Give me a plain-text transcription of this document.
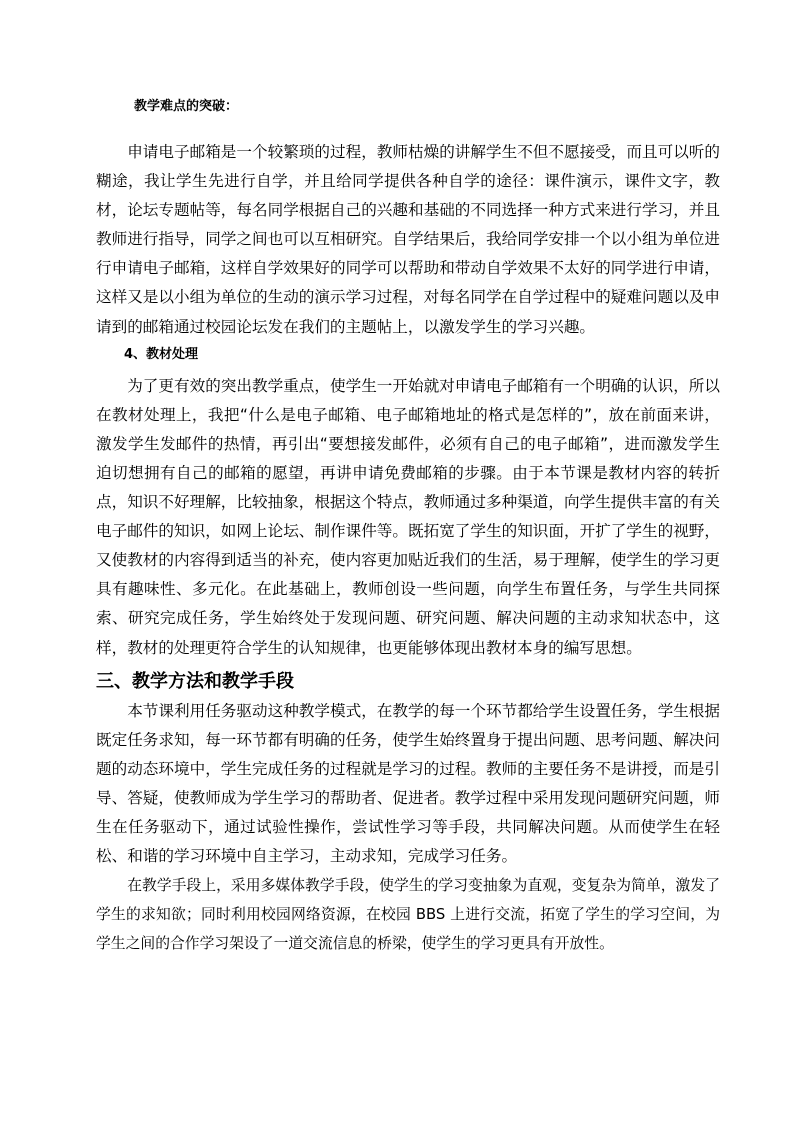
教学难点的突破：

申请电子邮箱是一个较繁琐的过程，教师枯燥的讲解学生不但不愿接受，而且可以听的糊途，我让学生先进行自学，并且给同学提供各种自学的途径：课件演示，课件文字，教材，论坛专题帖等，每名同学根据自己的兴趣和基础的不同选择一种方式来进行学习，并且教师进行指导，同学之间也可以互相研究。自学结果后，我给同学安排一个以小组为单位进行申请电子邮箱，这样自学效果好的同学可以帮助和带动自学效果不太好的同学进行申请，这样又是以小组为单位的生动的演示学习过程，对每名同学在自学过程中的疑难问题以及申请到的邮箱通过校园论坛发在我们的主题帖上，以激发学生的学习兴趣。

4、教材处理

为了更有效的突出教学重点，使学生一开始就对申请电子邮箱有一个明确的认识，所以在教材处理上，我把“什么是电子邮箱、电子邮箱地址的格式是怎样的”，放在前面来讲，激发学生发邮件的热情，再引出“要想接发邮件，必须有自己的电子邮箱”，进而激发学生迫切想拥有自己的邮箱的愿望，再讲申请免费邮箱的步骤。由于本节课是教材内容的转折点，知识不好理解，比较抽象，根据这个特点，教师通过多种渠道，向学生提供丰富的有关电子邮件的知识，如网上论坛、制作课件等。既拓宽了学生的知识面，开扩了学生的视野，又使教材的内容得到适当的补充，使内容更加贴近我们的生活，易于理解，使学生的学习更具有趣味性、多元化。在此基础上，教师创设一些问题，向学生布置任务，与学生共同探索、研究完成任务，学生始终处于发现问题、研究问题、解决问题的主动求知状态中，这样，教材的处理更符合学生的认知规律，也更能够体现出教材本身的编写思想。

三、教学方法和教学手段

本节课利用任务驱动这种教学模式，在教学的每一个环节都给学生设置任务，学生根据既定任务求知，每一环节都有明确的任务，使学生始终置身于提出问题、思考问题、解决问题的动态环境中，学生完成任务的过程就是学习的过程。教师的主要任务不是讲授，而是引导、答疑，使教师成为学生学习的帮助者、促进者。教学过程中采用发现问题研究问题，师生在任务驱动下，通过试验性操作，尝试性学习等手段，共同解决问题。从而使学生在轻松、和谐的学习环境中自主学习，主动求知，完成学习任务。

在教学手段上，采用多媒体教学手段，使学生的学习变抽象为直观，变复杂为简单，激发了学生的求知欲；同时利用校园网络资源，在校园 BBS 上进行交流，拓宽了学生的学习空间，为学生之间的合作学习架设了一道交流信息的桥梁，使学生的学习更具有开放性。
